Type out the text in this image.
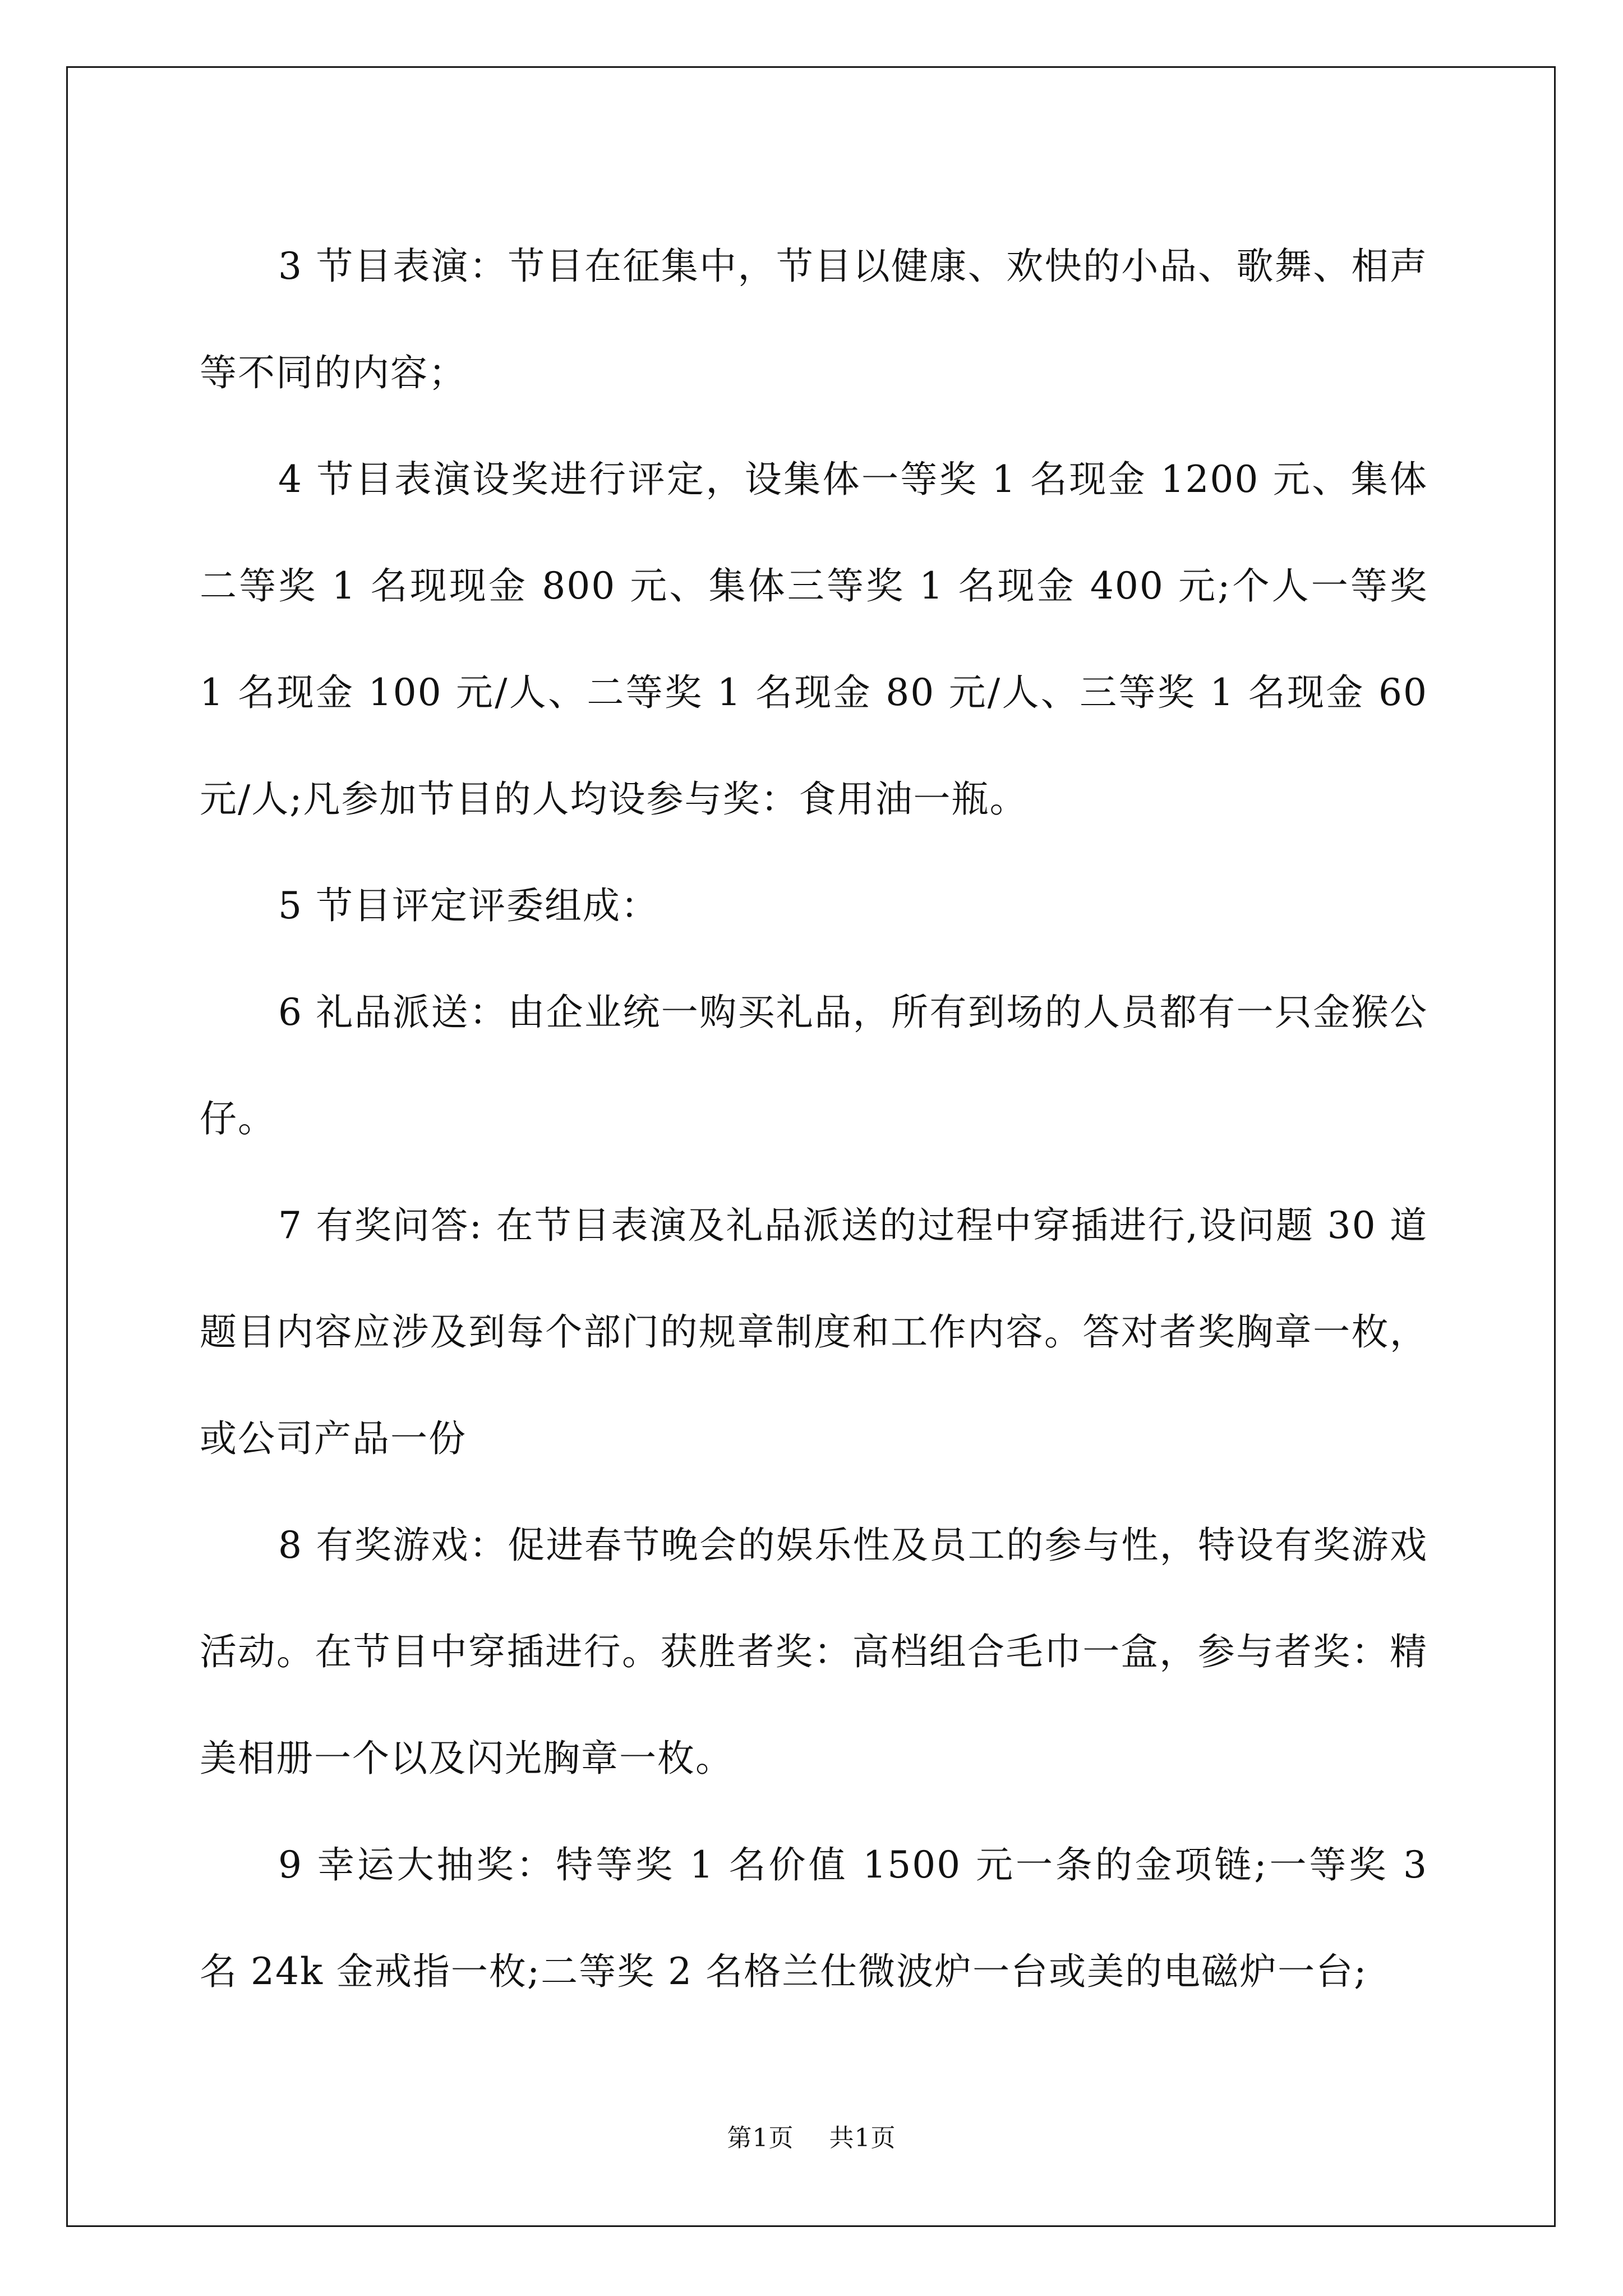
3 节目表演：节目在征集中，节目以健康、欢快的小品、歌舞、相声等不同的内容；

4 节目表演设奖进行评定，设集体一等奖 1 名现金 1200 元、集体二等奖 1 名现现金 800 元、集体三等奖 1 名现金 400 元;个人一等奖 1 名现金 100 元/人、二等奖 1 名现金 80 元/人、三等奖 1 名现金 60 元/人;凡参加节目的人均设参与奖：食用油一瓶。

5 节目评定评委组成：

6 礼品派送：由企业统一购买礼品，所有到场的人员都有一只金猴公仔。

7 有奖问答: 在节目表演及礼品派送的过程中穿插进行,设问题 30 道题目内容应涉及到每个部门的规章制度和工作内容。答对者奖胸章一枚，或公司产品一份

8 有奖游戏：促进春节晚会的娱乐性及员工的参与性，特设有奖游戏活动。在节目中穿插进行。获胜者奖：高档组合毛巾一盒，参与者奖：精美相册一个以及闪光胸章一枚。

9 幸运大抽奖：特等奖 1 名价值 1500 元一条的金项链;一等奖 3 名 24k 金戒指一枚;二等奖 2 名格兰仕微波炉一台或美的电磁炉一台;

第1页 共1页
